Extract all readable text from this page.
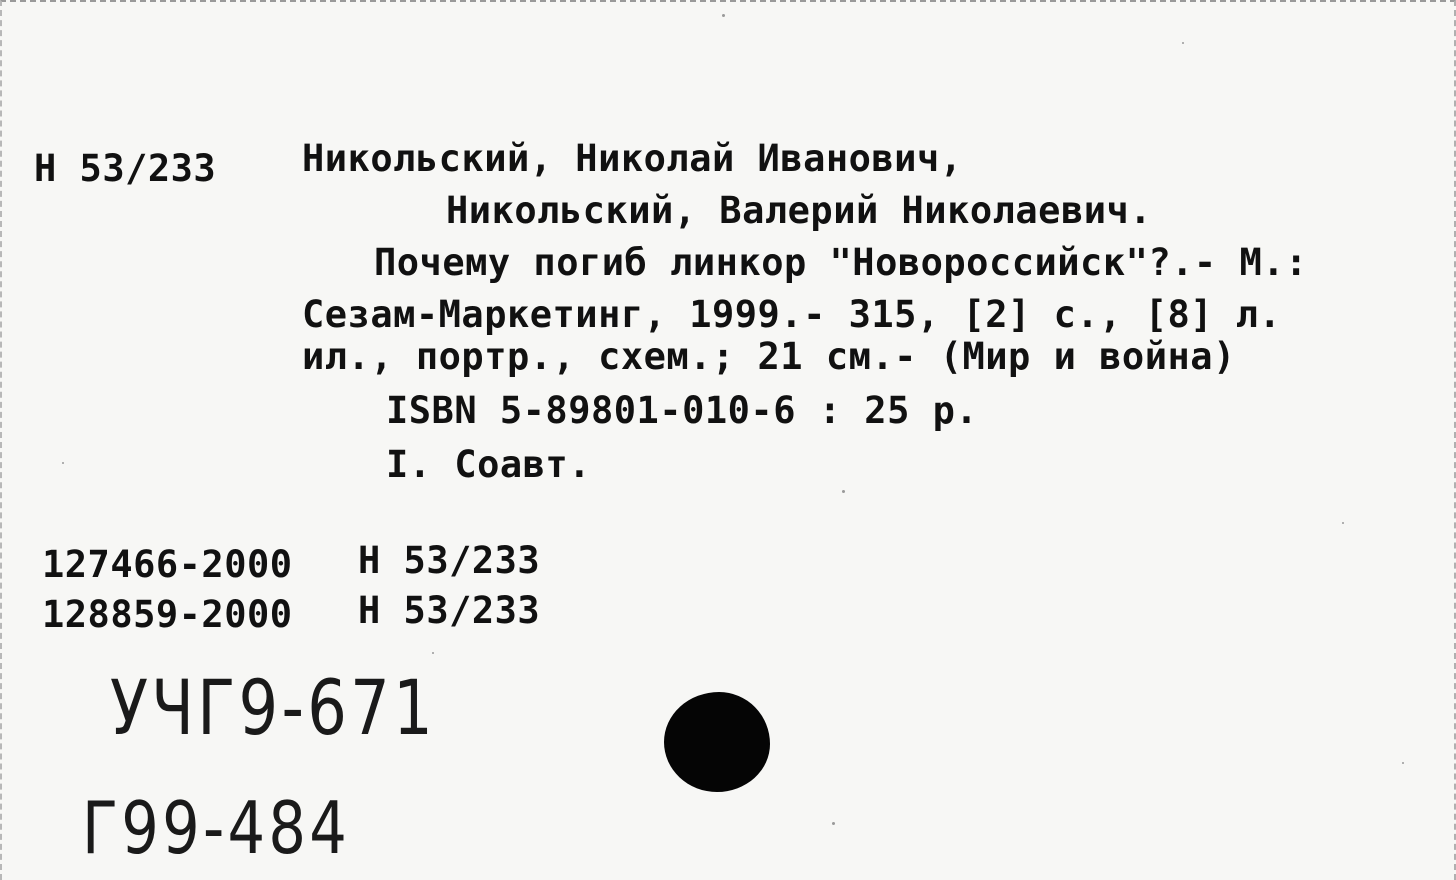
Н 53/233 Никольский, Николай Иванович,
Никольский, Валерий Николаевич.
Почему погиб линкор "Новороссийск"?.- М.:
Сезам-Маркетинг, 1999.- 315, [2] с., [8] л.
ил., портр., схем.; 21 см.- (Мир и война)
ISBN 5-89801-010-6 : 25 р.
I. Соавт.
127466-2000 Н 53/233
128859-2000 Н 53/233
УЧГ9-671
Г99-484
